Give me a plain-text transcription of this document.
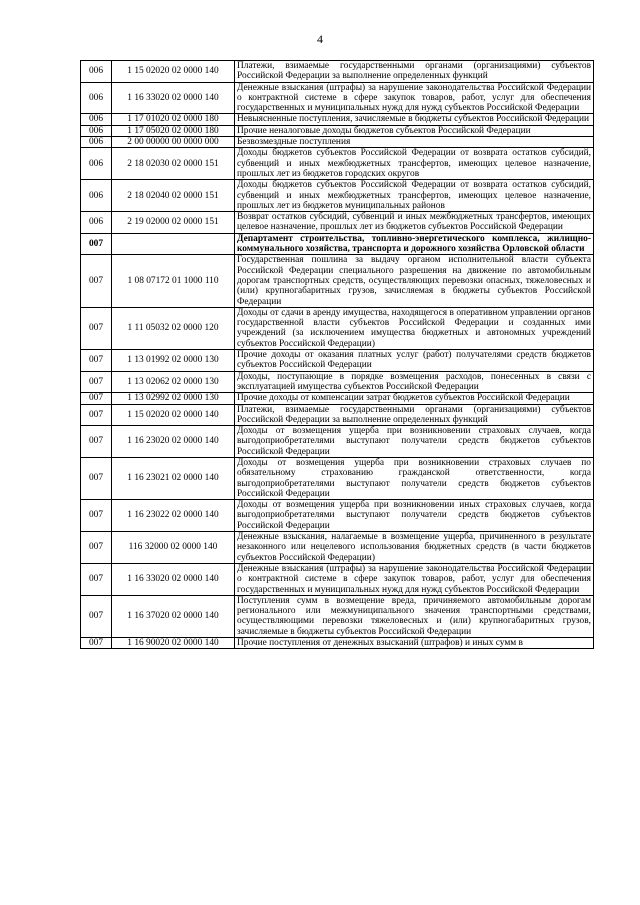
4
006	1 15 02020 02 0000 140	Платежи, взимаемые государственными органами (организациями) субъектов Российской Федерации за выполнение определенных функций
006	1 16 33020 02 0000 140	Денежные взыскания (штрафы) за нарушение законодательства Российской Федерации о контрактной системе в сфере закупок товаров, работ, услуг для обеспечения государственных и муниципальных нужд для нужд субъектов Российской Федерации
006	1 17 01020 02 0000 180	Невыясненные поступления, зачисляемые в бюджеты субъектов Российской Федерации
006	1 17 05020 02 0000 180	Прочие неналоговые доходы бюджетов субъектов Российской Федерации
006	2 00 00000 00 0000 000	Безвозмездные поступления
006	2 18 02030 02 0000 151	Доходы бюджетов субъектов Российской Федерации от возврата остатков субсидий, субвенций и иных межбюджетных трансфертов, имеющих целевое назначение, прошлых лет из бюджетов городских округов
006	2 18 02040 02 0000 151	Доходы бюджетов субъектов Российской Федерации от возврата остатков субсидий, субвенций и иных межбюджетных трансфертов, имеющих целевое назначение, прошлых лет из бюджетов муниципальных районов
006	2 19 02000 02 0000 151	Возврат остатков субсидий, субвенций и иных межбюджетных трансфертов, имеющих целевое назначение, прошлых лет из бюджетов субъектов Российской Федерации
007		Департамент строительства, топливно-энергетического комплекса, жилищно-коммунального хозяйства, транспорта и дорожного хозяйства Орловской области
007	1 08 07172 01 1000 110	Государственная пошлина за выдачу органом исполнительной власти субъекта Российской Федерации специального разрешения на движение по автомобильным дорогам транспортных средств, осуществляющих перевозки опасных, тяжеловесных и (или) крупногабаритных грузов, зачисляемая в бюджеты субъектов Российской Федерации
007	1 11 05032 02 0000 120	Доходы от сдачи в аренду имущества, находящегося в оперативном управлении органов государственной власти субъектов Российской Федерации и созданных ими учреждений (за исключением имущества бюджетных и автономных учреждений субъектов Российской Федерации)
007	1 13 01992 02 0000 130	Прочие доходы от оказания платных услуг (работ) получателями средств бюджетов субъектов Российской Федерации
007	1 13 02062 02 0000 130	Доходы, поступающие в порядке возмещения расходов, понесенных в связи с эксплуатацией имущества субъектов Российской Федерации
007	1 13 02992 02 0000 130	Прочие доходы от компенсации затрат бюджетов субъектов Российской Федерации
007	1 15 02020 02 0000 140	Платежи, взимаемые государственными органами (организациями) субъектов Российской Федерации за выполнение определенных функций
007	1 16 23020 02 0000 140	Доходы от возмещения ущерба при возникновении страховых случаев, когда выгодоприобретателями выступают получатели средств бюджетов субъектов Российской Федерации
007	1 16 23021 02 0000 140	Доходы от возмещения ущерба при возникновении страховых случаев по обязательному страхованию гражданской ответственности, когда выгодоприобретателями выступают получатели средств бюджетов субъектов Российской Федерации
007	1 16 23022 02 0000 140	Доходы от возмещения ущерба при возникновении иных страховых случаев, когда выгодоприобретателями выступают получатели средств бюджетов субъектов Российской Федерации
007	116 32000 02 0000 140	Денежные взыскания, налагаемые в возмещение ущерба, причиненного в результате незаконного или нецелевого использования бюджетных средств (в части бюджетов субъектов Российской Федерации)
007	1 16 33020 02 0000 140	Денежные взыскания (штрафы) за нарушение законодательства Российской Федерации о контрактной системе в сфере закупок товаров, работ, услуг для обеспечения государственных и муниципальных нужд для нужд субъектов Российской Федерации
007	1 16 37020 02 0000 140	Поступления сумм в возмещение вреда, причиняемого автомобильным дорогам регионального или межмуниципального значения транспортными средствами, осуществляющими перевозки тяжеловесных и (или) крупногабаритных грузов, зачисляемые в бюджеты субъектов Российской Федерации
007	1 16 90020 02 0000 140	Прочие поступления от денежных взысканий (штрафов) и иных сумм в
